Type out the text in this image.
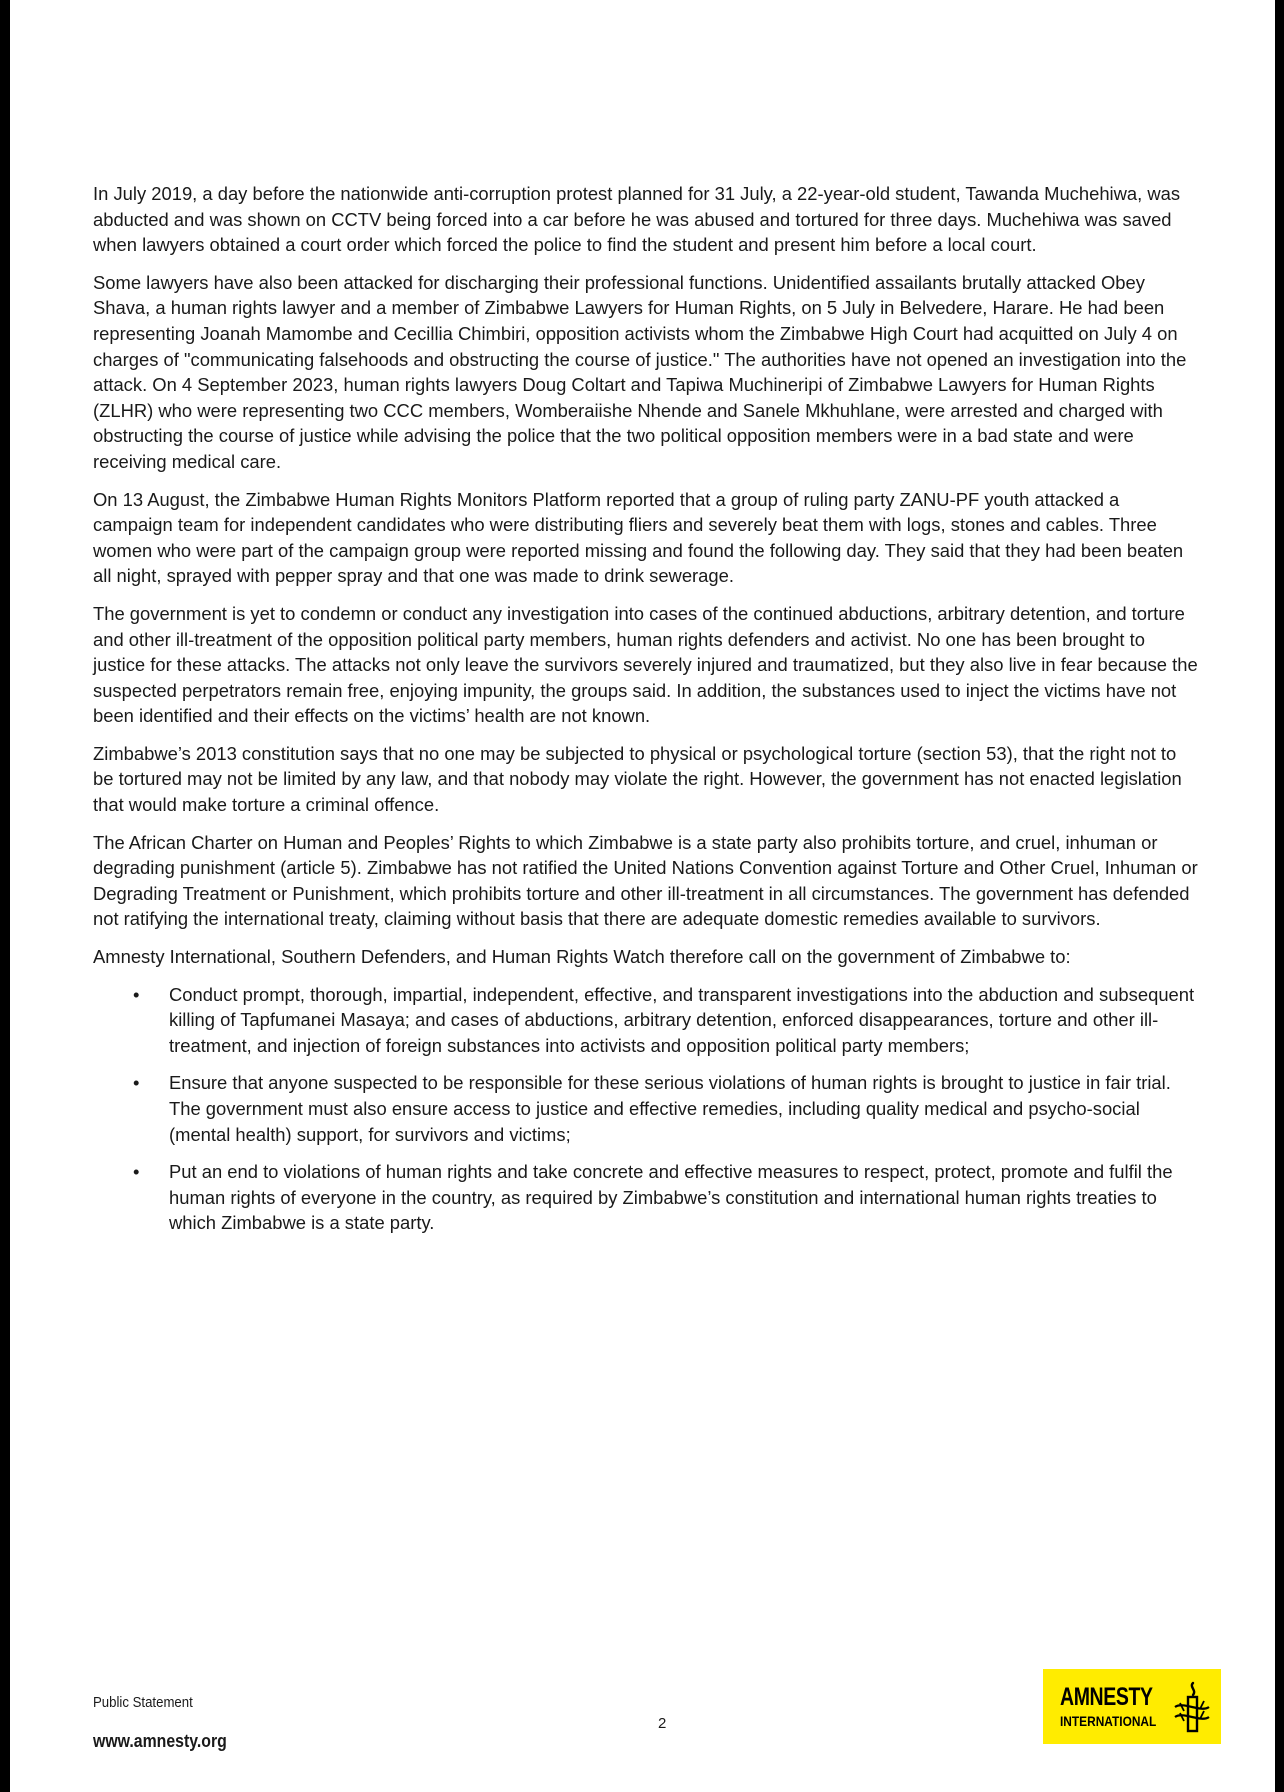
In July 2019, a day before the nationwide anti-corruption protest planned for 31 July, a 22-year-old student, Tawanda Muchehiwa, was abducted and was shown on CCTV being forced into a car before he was abused and tortured for three days. Muchehiwa was saved when lawyers obtained a court order which forced the police to find the student and present him before a local court.

Some lawyers have also been attacked for discharging their professional functions. Unidentified assailants brutally attacked Obey Shava, a human rights lawyer and a member of Zimbabwe Lawyers for Human Rights, on 5 July in Belvedere, Harare. He had been representing Joanah Mamombe and Cecillia Chimbiri, opposition activists whom the Zimbabwe High Court had acquitted on July 4 on charges of "communicating falsehoods and obstructing the course of justice." The authorities have not opened an investigation into the attack. On 4 September 2023, human rights lawyers Doug Coltart and Tapiwa Muchineripi of Zimbabwe Lawyers for Human Rights (ZLHR) who were representing two CCC members, Womberaiishe Nhende and Sanele Mkhuhlane, were arrested and charged with obstructing the course of justice while advising the police that the two political opposition members were in a bad state and were receiving medical care.

On 13 August, the Zimbabwe Human Rights Monitors Platform reported that a group of ruling party ZANU-PF youth attacked a campaign team for independent candidates who were distributing fliers and severely beat them with logs, stones and cables. Three women who were part of the campaign group were reported missing and found the following day. They said that they had been beaten all night, sprayed with pepper spray and that one was made to drink sewerage.

The government is yet to condemn or conduct any investigation into cases of the continued abductions, arbitrary detention, and torture and other ill-treatment of the opposition political party members, human rights defenders and activist. No one has been brought to justice for these attacks. The attacks not only leave the survivors severely injured and traumatized, but they also live in fear because the suspected perpetrators remain free, enjoying impunity, the groups said. In addition, the substances used to inject the victims have not been identified and their effects on the victims’ health are not known.

Zimbabwe’s 2013 constitution says that no one may be subjected to physical or psychological torture (section 53), that the right not to be tortured may not be limited by any law, and that nobody may violate the right. However, the government has not enacted legislation that would make torture a criminal offence.

The African Charter on Human and Peoples’ Rights to which Zimbabwe is a state party also prohibits torture, and cruel, inhuman or degrading punishment (article 5). Zimbabwe has not ratified the United Nations Convention against Torture and Other Cruel, Inhuman or Degrading Treatment or Punishment, which prohibits torture and other ill-treatment in all circumstances. The government has defended not ratifying the international treaty, claiming without basis that there are adequate domestic remedies available to survivors.

Amnesty International, Southern Defenders, and Human Rights Watch therefore call on the government of Zimbabwe to:

• Conduct prompt, thorough, impartial, independent, effective, and transparent investigations into the abduction and subsequent killing of Tapfumanei Masaya; and cases of abductions, arbitrary detention, enforced disappearances, torture and other ill-treatment, and injection of foreign substances into activists and opposition political party members;
• Ensure that anyone suspected to be responsible for these serious violations of human rights is brought to justice in fair trial. The government must also ensure access to justice and effective remedies, including quality medical and psycho-social (mental health) support, for survivors and victims;
• Put an end to violations of human rights and take concrete and effective measures to respect, protect, promote and fulfil the human rights of everyone in the country, as required by Zimbabwe’s constitution and international human rights treaties to which Zimbabwe is a state party.
Public Statement
www.amnesty.org
2
AMNESTY
INTERNATIONAL
